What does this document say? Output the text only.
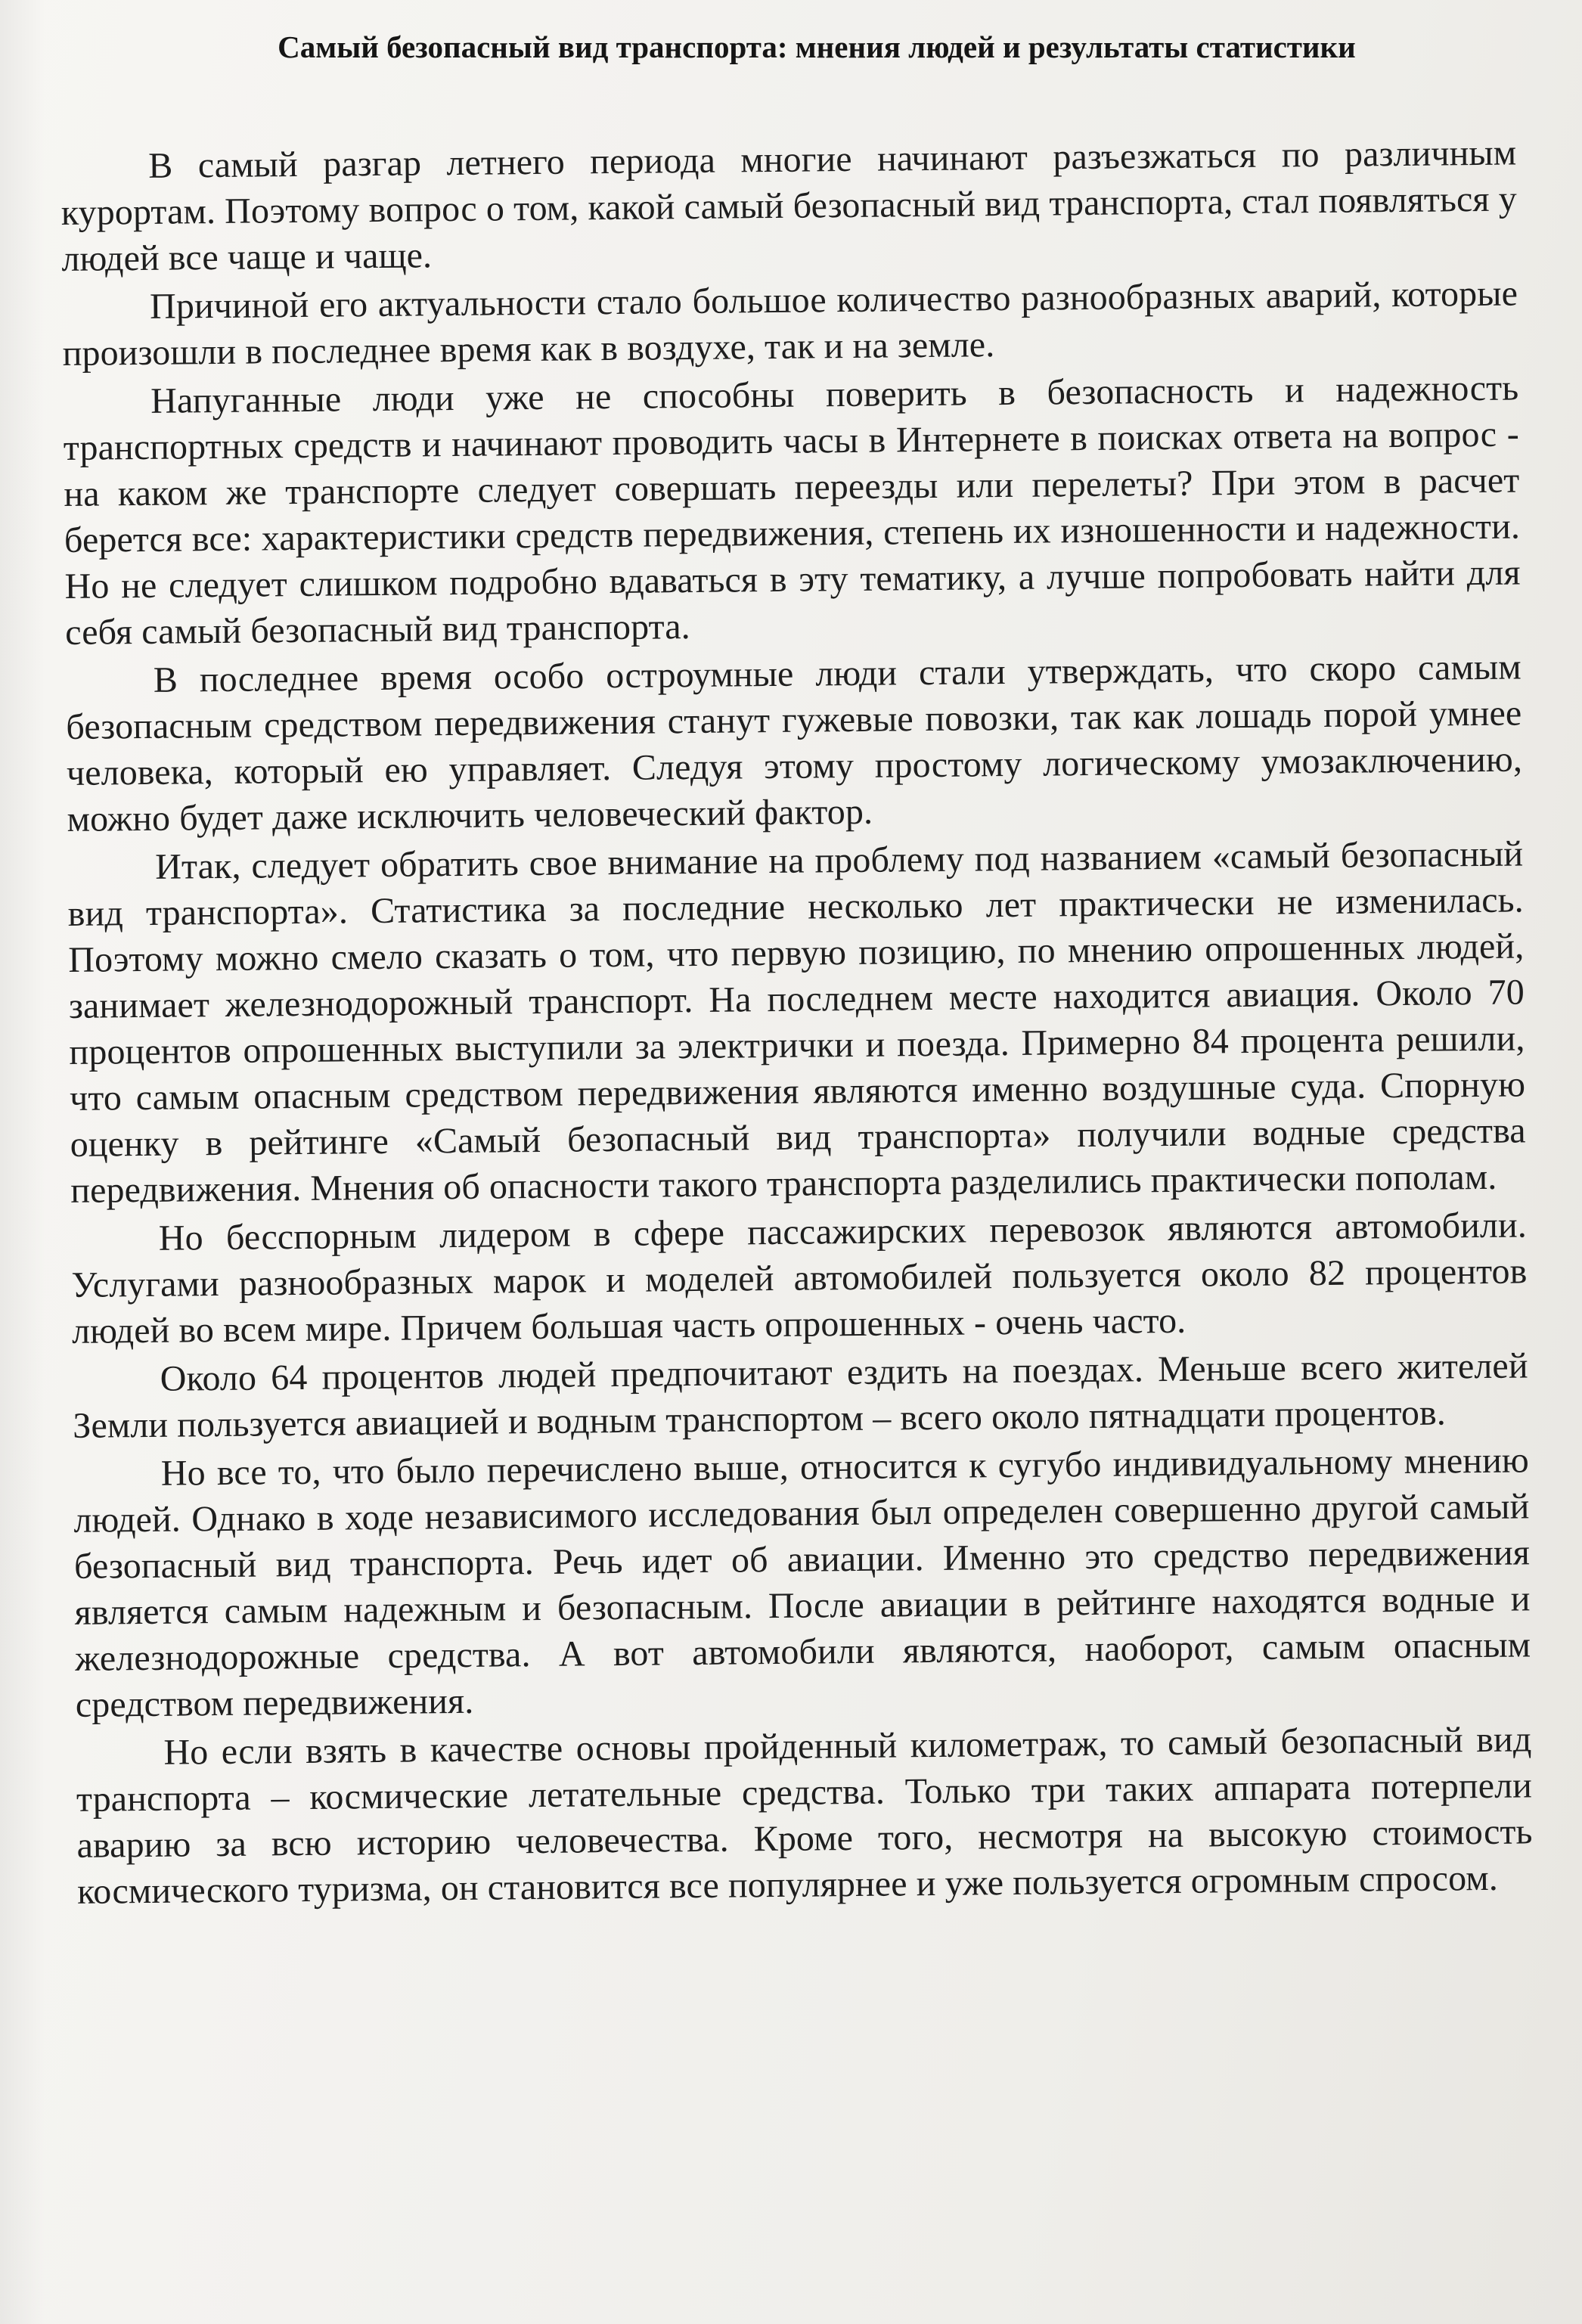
Самый безопасный вид транспорта: мнения людей и результаты статистики

В самый разгар летнего периода многие начинают разъезжаться по различным курортам. Поэтому вопрос о том, какой самый безопасный вид транспорта, стал появляться у людей все чаще и чаще.

Причиной его актуальности стало большое количество разнообразных аварий, которые произошли в последнее время как в воздухе, так и на земле.

Напуганные люди уже не способны поверить в безопасность и надежность транспортных средств и начинают проводить часы в Интернете в поисках ответа на вопрос - на каком же транспорте следует совершать переезды или перелеты? При этом в расчет берется все: характеристики средств передвижения, степень их изношенности и надежности. Но не следует слишком подробно вдаваться в эту тематику, а лучше попробовать найти для себя самый безопасный вид транспорта.

В последнее время особо остроумные люди стали утверждать, что скоро самым безопасным средством передвижения станут гужевые повозки, так как лошадь порой умнее человека, который ею управляет. Следуя этому простому логическому умозаключению, можно будет даже исключить человеческий фактор.

Итак, следует обратить свое внимание на проблему под названием «самый безопасный вид транспорта». Статистика за последние несколько лет практически не изменилась. Поэтому можно смело сказать о том, что первую позицию, по мнению опрошенных людей, занимает железнодорожный транспорт. На последнем месте находится авиация. Около 70 процентов опрошенных выступили за электрички и поезда. Примерно 84 процента решили, что самым опасным средством передвижения являются именно воздушные суда. Спорную оценку в рейтинге «Самый безопасный вид транспорта» получили водные средства передвижения. Мнения об опасности такого транспорта разделились практически пополам.

Но бесспорным лидером в сфере пассажирских перевозок являются автомобили. Услугами разнообразных марок и моделей автомобилей пользуется около 82 процентов людей во всем мире. Причем большая часть опрошенных - очень часто.

Около 64 процентов людей предпочитают ездить на поездах. Меньше всего жителей Земли пользуется авиацией и водным транспортом – всего около пятнадцати процентов.

Но все то, что было перечислено выше, относится к сугубо индивидуальному мнению людей. Однако в ходе независимого исследования был определен совершенно другой самый безопасный вид транспорта. Речь идет об авиации. Именно это средство передвижения является самым надежным и безопасным. После авиации в рейтинге находятся водные и железнодорожные средства. А вот автомобили являются, наоборот, самым опасным средством передвижения.

Но если взять в качестве основы пройденный километраж, то самый безопасный вид транспорта – космические летательные средства. Только три таких аппарата потерпели аварию за всю историю человечества. Кроме того, несмотря на высокую стоимость космического туризма, он становится все популярнее и уже пользуется огромным спросом.
